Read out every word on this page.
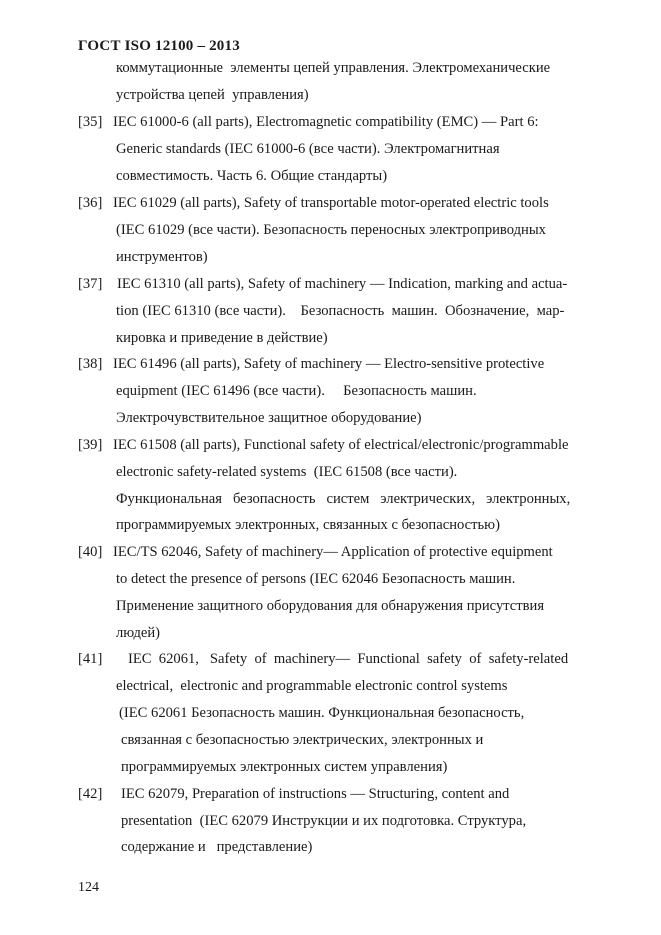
ГОСТ ISO 12100 – 2013
коммутационные  элементы цепей управления. Электромеханические
устройства цепей  управления)
[35] IEC 61000-6 (all parts), Electromagnetic compatibility (EMC) — Part 6:
Generic standards (IEC 61000-6 (все части). Электромагнитная
совместимость. Часть 6. Общие стандарты)
[36] IEC 61029 (all parts), Safety of transportable motor-operated electric tools
(IEC 61029 (все части). Безопасность переносных электроприводных
инструментов)
[37] IEC 61310 (all parts), Safety of machinery — Indication, marking and actua-
tion (IEC 61310 (все части).    Безопасность  машин.  Обозначение,  мар-
кировка и приведение в действие)
[38] IEC 61496 (all parts), Safety of machinery — Electro-sensitive protective
equipment (IEC 61496 (все части).     Безопасность машин.
Электрочувствительное защитное оборудование)
[39] IEC 61508 (all parts), Functional safety of electrical/electronic/programmable
electronic safety-related systems  (IEC 61508 (все части).
Функциональная   безопасность   систем   электрических,   электронных,
программируемых электронных, связанных с безопасностью)
[40] IEC/TS 62046, Safety of machinery— Application of protective equipment
to detect the presence of persons (IEC 62046 Безопасность машин.
Применение защитного оборудования для обнаружения присутствия
людей)
[41] IEC  62061,   Safety  of  machinery—  Functional  safety  of  safety-related
electrical,  electronic and programmable electronic control systems
(IEC 62061 Безопасность машин. Функциональная безопасность,
связанная с безопасностью электрических, электронных и
программируемых электронных систем управления)
[42] IEC 62079, Preparation of instructions — Structuring, content and
presentation  (IEC 62079 Инструкции и их подготовка. Структура,
содержание и   представление)
124
